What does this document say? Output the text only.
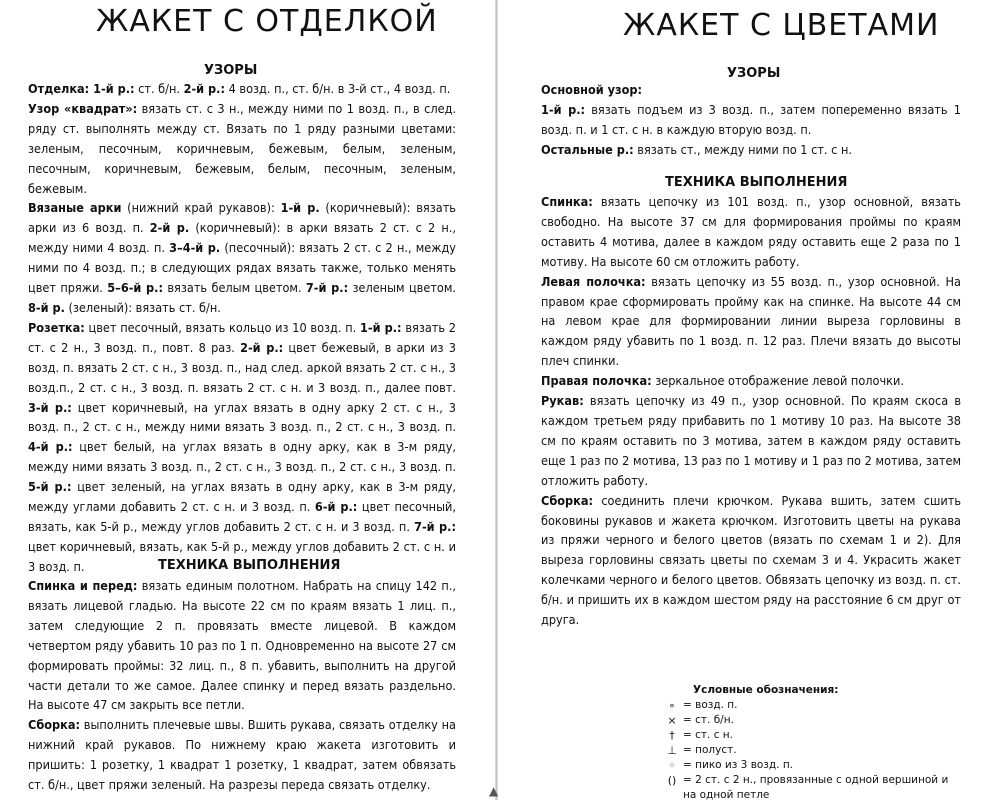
ЖАКЕТ С ОТДЕЛКОЙ
УЗОРЫ

Отделка: 1-й р.: ст. б/н. 2-й р.: 4 возд. п., ст. б/н. в 3-й ст., 4 возд. п.

Узор «квадрат»: вязать ст. с 3 н., между ними по 1 возд. п., в след. ряду ст. выполнять между ст. Вязать по 1 ряду разными цветами: зеленым, песочным, коричневым, бежевым, белым, зеленым, песочным, коричневым, бежевым, белым, песочным, зеленым, бежевым.

Вязаные арки (нижний край рукавов): 1-й р. (коричневый): вязать арки из 6 возд. п. 2-й р. (коричневый): в арки вязать 2 ст. с 2 н., между ними 4 возд. п. 3–4-й р. (песочный): вязать 2 ст. с 2 н., между ними по 4 возд. п.; в следующих рядах вязать также, только менять цвет пряжи. 5–6-й р.: вязать белым цветом. 7-й р.: зеленым цветом. 8-й р. (зеленый): вязать ст. б/н.

Розетка: цвет песочный, вязать кольцо из 10 возд. п. 1-й р.: вязать 2 ст. с 2 н., 3 возд. п., повт. 8 раз. 2-й р.: цвет бежевый, в арки из 3 возд. п. вязать 2 ст. с н., 3 возд. п., над след. аркой вязать 2 ст. с н., 3 возд.п., 2 ст. с н., 3 возд. п. вязать 2 ст. с н. и 3 возд. п., далее повт. 3-й р.: цвет коричневый, на углах вязать в одну арку 2 ст. с н., 3 возд. п., 2 ст. с н., между ними вязать 3 возд. п., 2 ст. с н., 3 возд. п. 4-й р.: цвет белый, на углах вязать в одну арку, как в 3-м ряду, между ними вязать 3 возд. п., 2 ст. с н., 3 возд. п., 2 ст. с н., 3 возд. п. 5-й р.: цвет зеленый, на углах вязать в одну арку, как в 3-м ряду, между углами добавить 2 ст. с н. и 3 возд. п. 6-й р.: цвет песочный, вязать, как 5-й р., между углов добавить 2 ст. с н. и 3 возд. п. 7-й р.: цвет коричневый, вязать, как 5-й р., между углов добавить 2 ст. с н. и 3 возд. п.	ТЕХНИКА ВЫПОЛНЕНИЯ

Спинка и перед: вязать единым полотном. Набрать на спицу 142 п., вязать лицевой гладью. На высоте 22 см по краям вязать 1 лиц. п., затем следующие 2 п. провязать вместе лицевой. В каждом четвертом ряду убавить 10 раз по 1 п. Одновременно на высоте 27 см формировать проймы: 32 лиц. п., 8 п. убавить, выполнить на другой части детали то же самое. Далее спинку и перед вязать раздельно. На высоте 47 см закрыть все петли.

Сборка: выполнить плечевые швы. Вшить рукава, связать отделку на нижний край рукавов. По нижнему краю жакета изготовить и пришить: 1 розетку, 1 квадрат 1 розетку, 1 квадрат, затем обвязать ст. б/н., цвет пряжи зеленый. На разрезы переда связать отделку.	▲
ЖАКЕТ С ЦВЕТАМИ
УЗОРЫ

Основной узор:

1-й р.: вязать подъем из 3 возд. п., затем попеременно вязать 1 возд. п. и 1 ст. с н. в каждую вторую возд. п.

Остальные р.: вязать ст., между ними по 1 ст. с н.

ТЕХНИКА ВЫПОЛНЕНИЯ

Спинка: вязать цепочку из 101 возд. п., узор основной, вязать свободно. На высоте 37 см для формирования проймы по краям оставить 4 мотива, далее в каждом ряду оставить еще 2 раза по 1 мотиву. На высоте 60 см отложить работу.

Левая полочка: вязать цепочку из 55 возд. п., узор основной. На правом крае сформировать пройму как на спинке. На высоте 44 см на левом крае для формировании линии выреза горловины в каждом ряду убавить по 1 возд. п. 12 раз. Плечи вязать до высоты плеч спинки.

Правая полочка: зеркальное отображение левой полочки.

Рукав: вязать цепочку из 49 п., узор основной. По краям скоса в каждом третьем ряду прибавить по 1 мотиву 10 раз. На высоте 38 см по краям оставить по 3 мотива, затем в каждом ряду оставить еще 1 раз по 2 мотива, 13 раз по 1 мотиву и 1 раз по 2 мотива, затем отложить работу.

Сборка: соединить плечи крючком. Рукава вшить, затем сшить боковины рукавов и жакета крючком. Изготовить цветы на рукава из пряжи черного и белого цветов (вязать по схемам 1 и 2). Для выреза горловины связать цветы по схемам 3 и 4. Украсить жакет колечками черного и белого цветов. Обвязать цепочку из возд. п. ст. б/н. и пришить их в каждом шестом ряду на расстояние 6 см друг от друга.

Условные обозначения:
∘ = возд. п.
× = ст. б/н.
† = ст. с н.
⊥ = полуст.
◦ = пико из 3 возд. п.
() = 2 ст. с 2 н., провязанные с одной вершиной и на одной петле
